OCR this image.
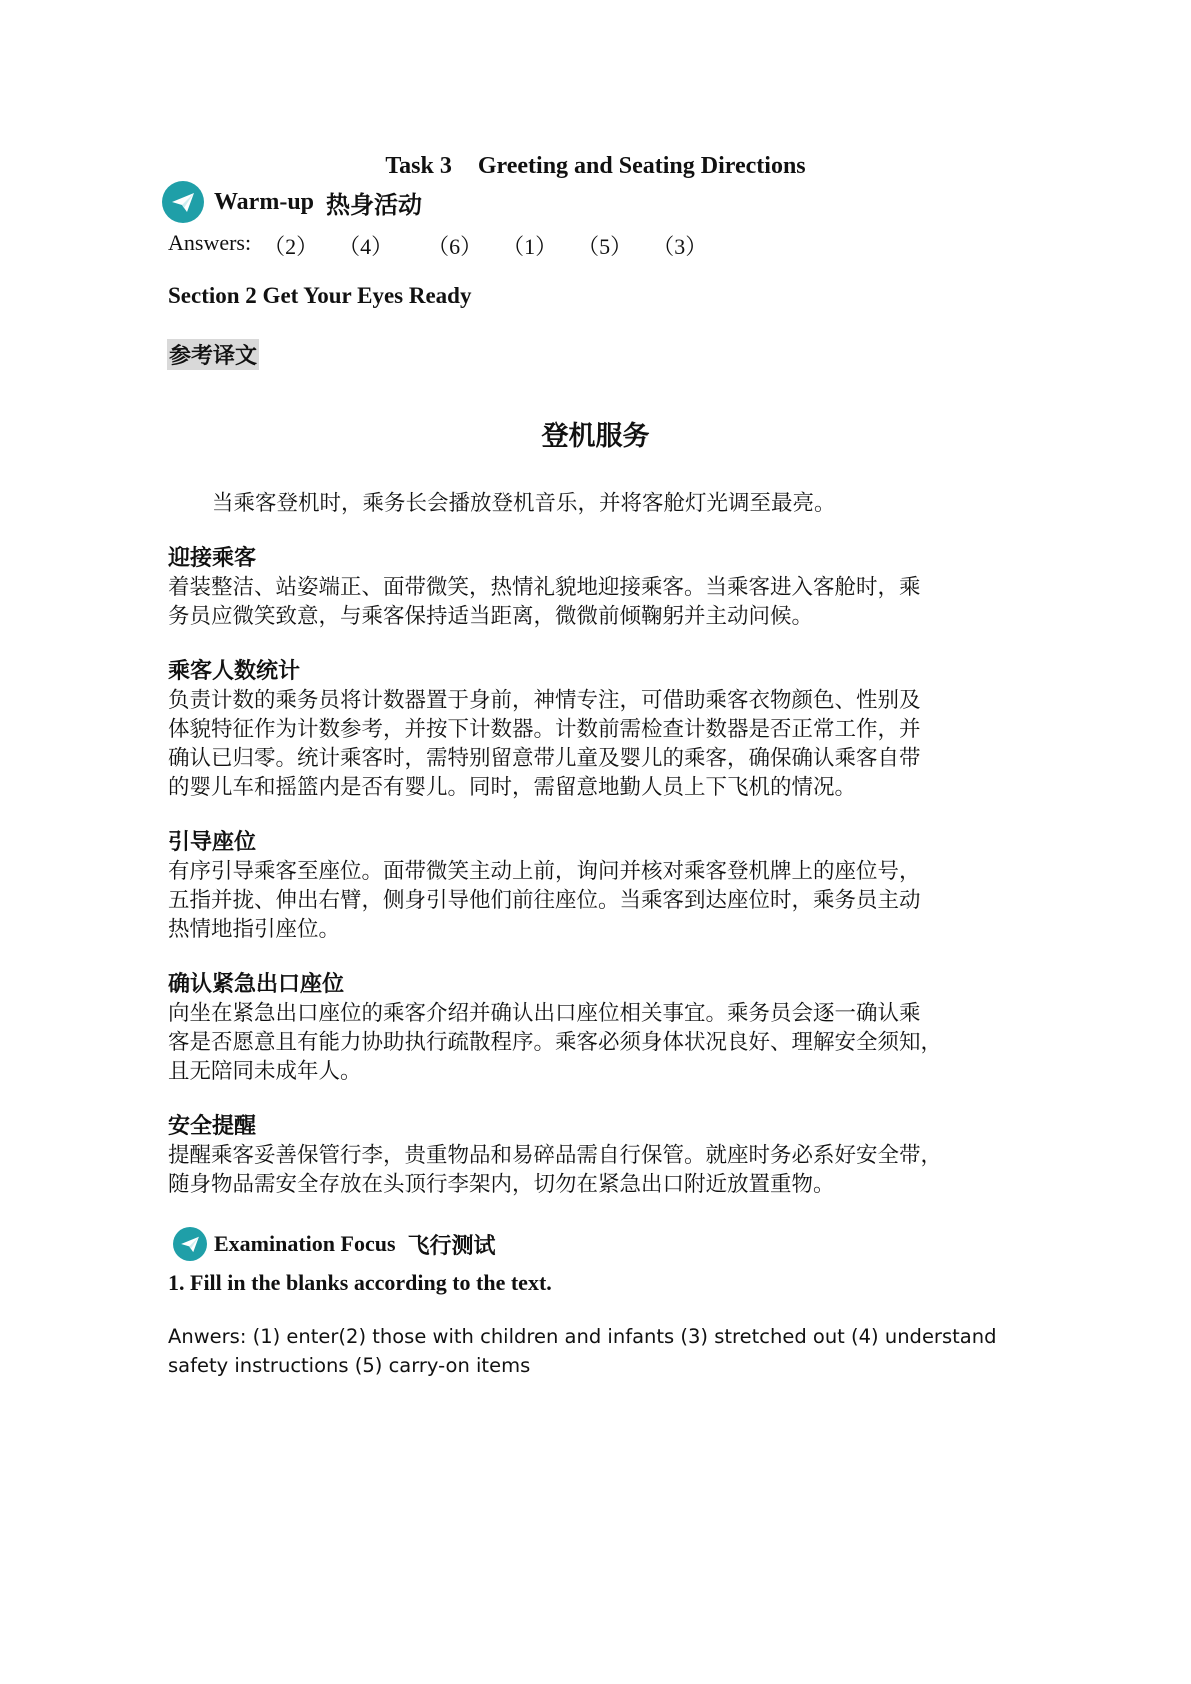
Task 3 Greeting and Seating Directions
Warm-up 热身活动
Answers: （2） （4） （6） （1） （5） （3）
Section 2 Get Your Eyes Ready
参考译文
登机服务
当乘客登机时，乘务长会播放登机音乐，并将客舱灯光调至最亮。
迎接乘客
着装整洁、站姿端正、面带微笑，热情礼貌地迎接乘客。当乘客进入客舱时，乘
务员应微笑致意，与乘客保持适当距离，微微前倾鞠躬并主动问候。
乘客人数统计
负责计数的乘务员将计数器置于身前，神情专注，可借助乘客衣物颜色、性别及
体貌特征作为计数参考，并按下计数器。计数前需检查计数器是否正常工作，并
确认已归零。统计乘客时，需特别留意带儿童及婴儿的乘客，确保确认乘客自带
的婴儿车和摇篮内是否有婴儿。同时，需留意地勤人员上下飞机的情况。
引导座位
有序引导乘客至座位。面带微笑主动上前，询问并核对乘客登机牌上的座位号，
五指并拢、伸出右臂，侧身引导他们前往座位。当乘客到达座位时，乘务员主动
热情地指引座位。
确认紧急出口座位
向坐在紧急出口座位的乘客介绍并确认出口座位相关事宜。乘务员会逐一确认乘
客是否愿意且有能力协助执行疏散程序。乘客必须身体状况良好、理解安全须知，
且无陪同未成年人。
安全提醒
提醒乘客妥善保管行李，贵重物品和易碎品需自行保管。就座时务必系好安全带，
随身物品需安全存放在头顶行李架内，切勿在紧急出口附近放置重物。
Examination Focus 飞行测试
1. Fill in the blanks according to the text.
Anwers: (1) enter(2) those with children and infants (3) stretched out (4) understand
safety instructions (5) carry-on items
